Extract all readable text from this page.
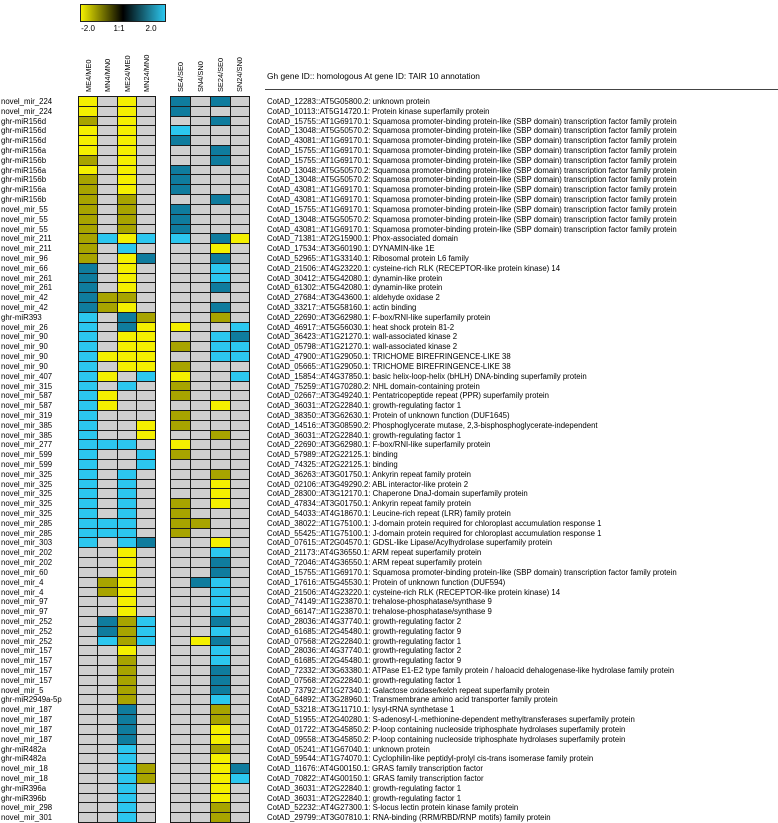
-2.0 1:1	2.0
ME4/ME0 MN4/MN0 ME24/ME0 MN24/MN0	SE4/SE0 SN4/SN0 SE24/SE0 SN24/SN0	Gh gene ID:: homologous At gene ID: TAIR 10 annotation
novel_mir_224	CotAD_12283::AT5G05800.2: unknown protein
novel_mir_224	CotAD_10113::AT5G14720.1: Protein kinase superfamily protein
ghr-miR156d	CotAD_15755::AT1G69170.1: Squamosa promoter-binding protein-like (SBP domain) transcription factor family protein
ghr-miR156d	CotAD_13048::AT5G50570.2: Squamosa promoter-binding protein-like (SBP domain) transcription factor family protein
ghr-miR156d	CotAD_43081::AT1G69170.1: Squamosa promoter-binding protein-like (SBP domain) transcription factor family protein
ghr-miR156a	CotAD_15755::AT1G69170.1: Squamosa promoter-binding protein-like (SBP domain) transcription factor family protein
ghr-miR156b	CotAD_15755::AT1G69170.1: Squamosa promoter-binding protein-like (SBP domain) transcription factor family protein
ghr-miR156a	CotAD_13048::AT5G50570.2: Squamosa promoter-binding protein-like (SBP domain) transcription factor family protein
ghr-miR156b	CotAD_13048::AT5G50570.2: Squamosa promoter-binding protein-like (SBP domain) transcription factor family protein
ghr-miR156a	CotAD_43081::AT1G69170.1: Squamosa promoter-binding protein-like (SBP domain) transcription factor family protein
ghr-miR156b	CotAD_43081::AT1G69170.1: Squamosa promoter-binding protein-like (SBP domain) transcription factor family protein
novel_mir_55	CotAD_15755::AT1G69170.1: Squamosa promoter-binding protein-like (SBP domain) transcription factor family protein
novel_mir_55	CotAD_13048::AT5G50570.2: Squamosa promoter-binding protein-like (SBP domain) transcription factor family protein
novel_mir_55	CotAD_43081::AT1G69170.1: Squamosa promoter-binding protein-like (SBP domain) transcription factor family protein
novel_mir_211	CotAD_71381::AT2G15900.1: Phox-associated domain
novel_mir_211	CotAD_17534::AT3G60190.1: DYNAMIN-like 1E
novel_mir_96	CotAD_52965::AT1G33140.1: Ribosomal protein L6 family
novel_mir_66	CotAD_21506::AT4G23220.1: cysteine-rich RLK (RECEPTOR-like protein kinase) 14
novel_mir_261	CotAD_30412::AT5G42080.1: dynamin-like protein
novel_mir_261	CotAD_61302::AT5G42080.1: dynamin-like protein
novel_mir_42	CotAD_27684::AT3G43600.1: aldehyde oxidase 2
novel_mir_42	CotAD_33217::AT5G58160.1: actin binding
ghr-miR393	CotAD_22690::AT3G62980.1: F-box/RNI-like superfamily protein
novel_mir_26	CotAD_46917::AT5G56030.1: heat shock protein 81-2
novel_mir_90	CotAD_36423::AT1G21270.1: wall-associated kinase 2
novel_mir_90	CotAD_05798::AT1G21270.1: wall-associated kinase 2
novel_mir_90	CotAD_47900::AT1G29050.1: TRICHOME BIREFRINGENCE-LIKE 38
novel_mir_90	CotAD_05665::AT1G29050.1: TRICHOME BIREFRINGENCE-LIKE 38
novel_mir_407	CotAD_15854::AT4G37850.1: basic helix-loop-helix (bHLH) DNA-binding superfamily protein
novel_mir_315	CotAD_75259::AT1G70280.2: NHL domain-containing protein
novel_mir_587	CotAD_02667::AT3G49240.1: Pentatricopeptide repeat (PPR) superfamily protein
novel_mir_587	CotAD_36031::AT2G22840.1: growth-regulating factor 1
novel_mir_319	CotAD_38350::AT3G62630.1: Protein of unknown function (DUF1645)
novel_mir_385	CotAD_14516::AT3G08590.2: Phosphoglycerate mutase, 2,3-bisphosphoglycerate-independent
novel_mir_385	CotAD_36031::AT2G22840.1: growth-regulating factor 1
novel_mir_277	CotAD_22690::AT3G62980.1: F-box/RNI-like superfamily protein
novel_mir_599	CotAD_57989::AT2G22125.1: binding
novel_mir_599	CotAD_74325::AT2G22125.1: binding
novel_mir_325	CotAD_36263::AT3G01750.1: Ankyrin repeat family protein
novel_mir_325	CotAD_02106::AT3G49290.2: ABL interactor-like protein 2
novel_mir_325	CotAD_28300::AT3G12170.1: Chaperone DnaJ-domain superfamily protein
novel_mir_325	CotAD_47834::AT3G01750.1: Ankyrin repeat family protein
novel_mir_325	CotAD_54033::AT4G18670.1: Leucine-rich repeat (LRR) family protein
novel_mir_285	CotAD_38022::AT1G75100.1: J-domain protein required for chloroplast accumulation response 1
novel_mir_285	CotAD_55425::AT1G75100.1: J-domain protein required for chloroplast accumulation response 1
novel_mir_303	CotAD_07615::AT2G04570.1: GDSL-like Lipase/Acylhydrolase superfamily protein
novel_mir_202	CotAD_21173::AT4G36550.1: ARM repeat superfamily protein
novel_mir_202	CotAD_72046::AT4G36550.1: ARM repeat superfamily protein
novel_mir_60	CotAD_15755::AT1G69170.1: Squamosa promoter-binding protein-like (SBP domain) transcription factor family protein
novel_mir_4	CotAD_17616::AT5G45530.1: Protein of unknown function (DUF594)
novel_mir_4	CotAD_21506::AT4G23220.1: cysteine-rich RLK (RECEPTOR-like protein kinase) 14
novel_mir_97	CotAD_74149::AT1G23870.1: trehalose-phosphatase/synthase 9
novel_mir_97	CotAD_66147::AT1G23870.1: trehalose-phosphatase/synthase 9
novel_mir_252	CotAD_28036::AT4G37740.1: growth-regulating factor 2
novel_mir_252	CotAD_61685::AT2G45480.1: growth-regulating factor 9
novel_mir_252	CotAD_07568::AT2G22840.1: growth-regulating factor 1
novel_mir_157	CotAD_28036::AT4G37740.1: growth-regulating factor 2
novel_mir_157	CotAD_61685::AT2G45480.1: growth-regulating factor 9
novel_mir_157	CotAD_72332::AT3G63380.1: ATPase E1-E2 type family protein / haloacid dehalogenase-like hydrolase family protein
novel_mir_157	CotAD_07568::AT2G22840.1: growth-regulating factor 1
novel_mir_5	CotAD_73792::AT1G27340.1: Galactose oxidase/kelch repeat superfamily protein
ghr-miR2949a-5p	CotAD_64892::AT3G28960.1: Transmembrane amino acid transporter family protein
novel_mir_187	CotAD_53218::AT3G11710.1: lysyl-tRNA synthetase 1
novel_mir_187	CotAD_51955::AT2G40280.1: S-adenosyl-L-methionine-dependent methyltransferases superfamily protein
novel_mir_187	CotAD_01722::AT3G45850.2: P-loop containing nucleoside triphosphate hydrolases superfamily protein
novel_mir_187	CotAD_09558::AT3G45850.2: P-loop containing nucleoside triphosphate hydrolases superfamily protein
ghr-miR482a	CotAD_05241::AT1G67040.1: unknown protein
ghr-miR482a	CotAD_59544::AT1G74070.1: Cyclophilin-like peptidyl-prolyl cis-trans isomerase family protein
novel_mir_18	CotAD_11676::AT4G00150.1: GRAS family transcription factor
novel_mir_18	CotAD_70822::AT4G00150.1: GRAS family transcription factor
ghr-miR396a	CotAD_36031::AT2G22840.1: growth-regulating factor 1
ghr-miR396b	CotAD_36031::AT2G22840.1: growth-regulating factor 1
novel_mir_298	CotAD_52232::AT4G27300.1: S-locus lectin protein kinase family protein
novel_mir_301	CotAD_29799::AT3G07810.1: RNA-binding (RRM/RBD/RNP motifs) family protein
